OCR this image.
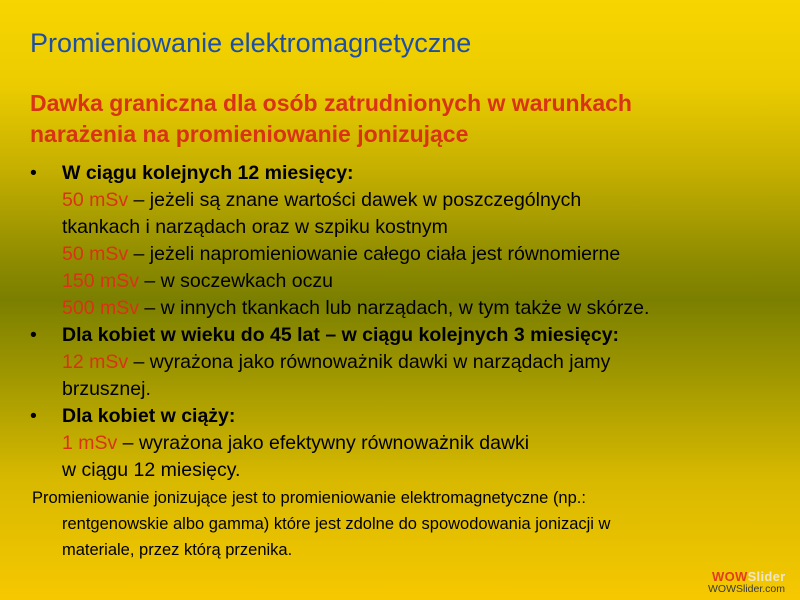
Promieniowanie elektromagnetyczne
Dawka graniczna dla osób zatrudnionych w warunkach
narażenia na promieniowanie jonizujące
• W ciągu kolejnych 12 miesięcy:
50 mSv – jeżeli są znane wartości dawek w poszczególnych
tkankach i narządach oraz w szpiku kostnym
50 mSv – jeżeli napromieniowanie całego ciała jest równomierne
150 mSv – w soczewkach oczu
500 mSv – w innych tkankach lub narządach, w tym także w skórze.
• Dla kobiet w wieku do 45 lat – w ciągu kolejnych 3 miesięcy:
12 mSv – wyrażona jako równoważnik dawki w narządach jamy
brzusznej.
• Dla kobiet w ciąży:
1 mSv – wyrażona jako efektywny równoważnik dawki
w ciągu 12 miesięcy.
Promieniowanie jonizujące jest to promieniowanie elektromagnetyczne (np.:
rentgenowskie albo gamma) które jest zdolne do spowodowania jonizacji w
materiale, przez którą przenika.
WOWSlider
WOWSlider.com
